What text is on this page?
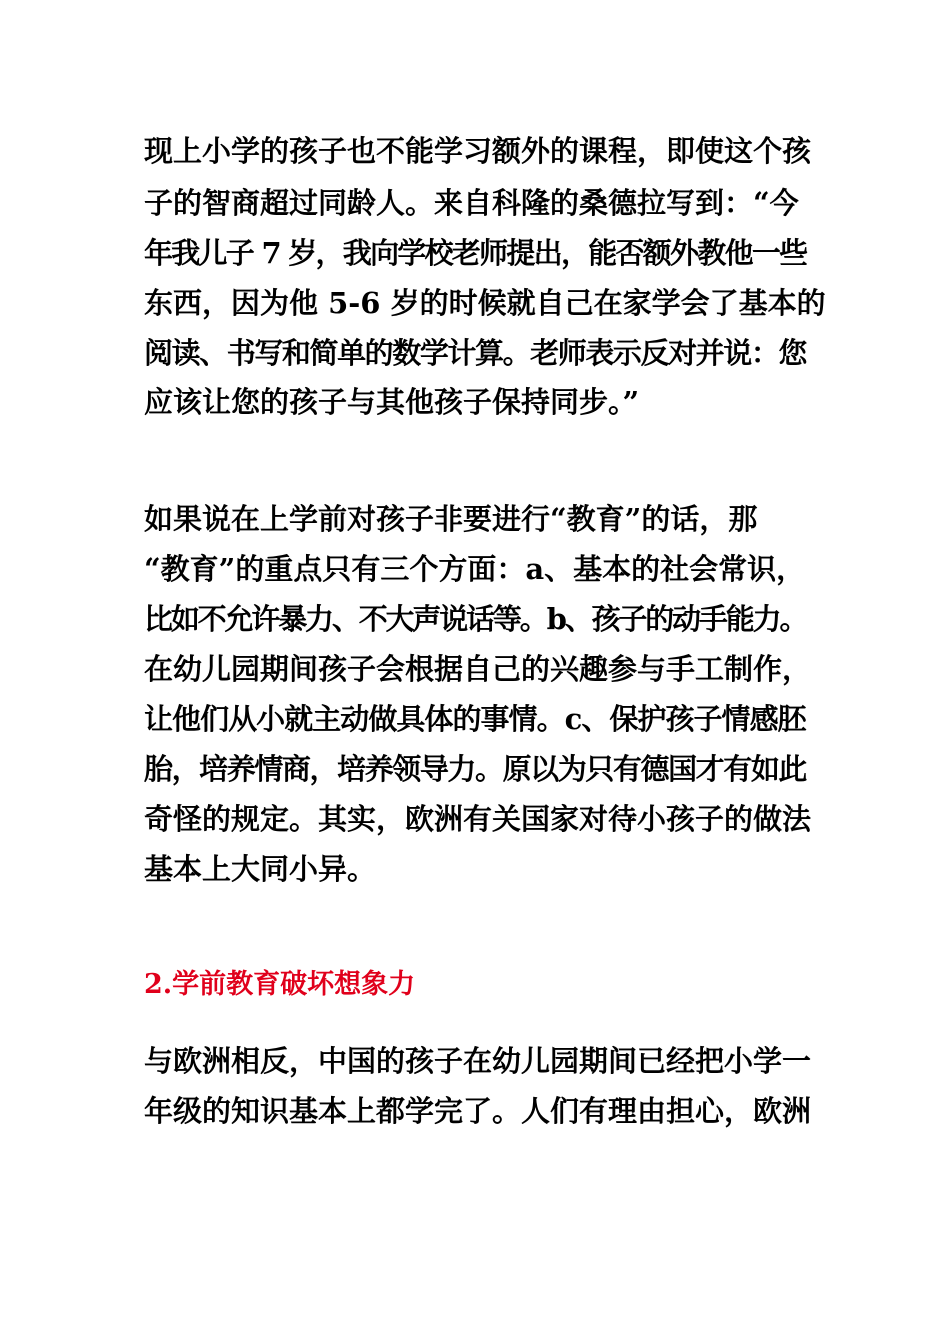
现上小学的孩子也不能学习额外的课程，即使这个孩
子的智商超过同龄人。来自科隆的桑德拉写到：“今
年我儿子 7 岁，我向学校老师提出，能否额外教他一些
东西，因为他 5-6 岁的时候就自己在家学会了基本的
阅读、书写和简单的数学计算。老师表示反对并说：您
应该让您的孩子与其他孩子保持同步。”
如果说在上学前对孩子非要进行“教育”的话，那
“教育”的重点只有三个方面：a、基本的社会常识，
比如不允许暴力、不大声说话等。b、孩子的动手能力。
在幼儿园期间孩子会根据自己的兴趣参与手工制作，
让他们从小就主动做具体的事情。c、保护孩子情感胚
胎，培养情商，培养领导力。原以为只有德国才有如此
奇怪的规定。其实，欧洲有关国家对待小孩子的做法
基本上大同小异。
2.学前教育破坏想象力
与欧洲相反，中国的孩子在幼儿园期间已经把小学一
年级的知识基本上都学完了。人们有理由担心，欧洲
